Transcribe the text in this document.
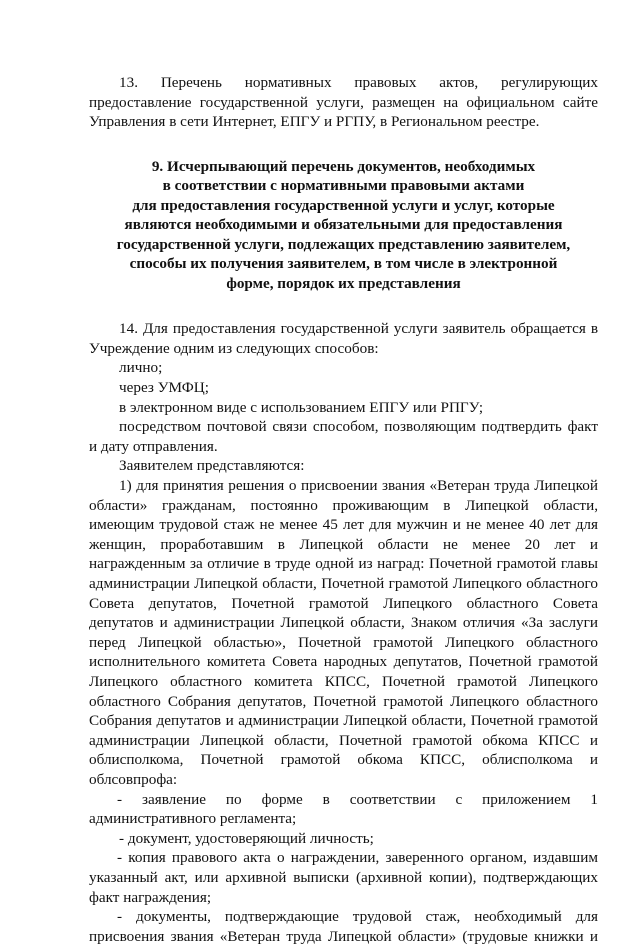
13. Перечень нормативных правовых актов, регулирующих предоставление государственной услуги, размещен на официальном сайте Управления в сети Интернет, ЕПГУ и РГПУ, в Региональном реестре.

9. Исчерпывающий перечень документов, необходимых
в соответствии с нормативными правовыми актами
для предоставления государственной услуги и услуг, которые
являются необходимыми и обязательными для предоставления
государственной услуги, подлежащих представлению заявителем,
способы их получения заявителем, в том числе в электронной
форме, порядок их представления

14. Для предоставления государственной услуги заявитель обращается в Учреждение одним из следующих способов:

лично;

через УМФЦ;

в электронном виде с использованием ЕПГУ или РПГУ;

посредством почтовой связи способом, позволяющим подтвердить факт и дату отправления.

Заявителем представляются:

1) для принятия решения о присвоении звания «Ветеран труда Липецкой области» гражданам, постоянно проживающим в Липецкой области, имеющим трудовой стаж не менее 45 лет для мужчин и не менее 40 лет для женщин, проработавшим в Липецкой области не менее 20 лет и награжденным за отличие в труде одной из наград: Почетной грамотой главы администрации Липецкой области, Почетной грамотой Липецкого областного Совета депутатов, Почетной грамотой Липецкого областного Совета депутатов и администрации Липецкой области, Знаком отличия «За заслуги перед Липецкой областью», Почетной грамотой Липецкого областного исполнительного комитета Совета народных депутатов, Почетной грамотой Липецкого областного комитета КПСС, Почетной грамотой Липецкого областного Собрания депутатов, Почетной грамотой Липецкого областного Собрания депутатов и администрации Липецкой области, Почетной грамотой администрации Липецкой области, Почетной грамотой обкома КПСС и облисполкома, Почетной грамотой обкома КПСС, облисполкома и облсовпрофа:

- заявление по форме в соответствии с приложением 1 административного регламента;

- документ, удостоверяющий личность;

- копия правового акта о награждении, заверенного органом, издавшим указанный акт, или архивной выписки (архивной копии), подтверждающих факт награждения;

- документы, подтверждающие трудовой стаж, необходимый для присвоения звания «Ветеран труда Липецкой области» (трудовые книжки и
